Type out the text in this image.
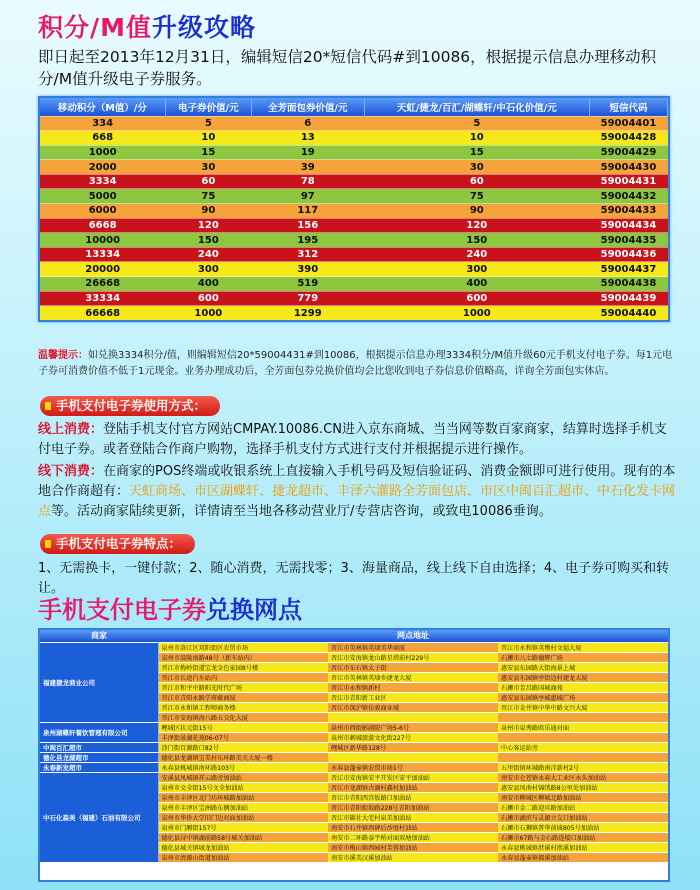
积分/M值升级攻略
即日起至2013年12月31日，编辑短信20*短信代码#到10086，根据提示信息办理移动积分/M值升级电子券服务。
移动积分（M值）/分	电子券价值/元	全芳面包券价值/元	天虹/捷龙/百汇/湖蝶轩/中石化价值/元	短信代码
334	5	6	5	59004401
668	10	13	10	59004428
1000	15	19	15	59004429
2000	30	39	30	59004430
3334	60	78	60	59004431
5000	75	97	75	59004432
6000	90	117	90	59004433
6668	120	156	120	59004434
10000	150	195	150	59004435
13334	240	312	240	59004436
20000	300	390	300	59004437
26668	400	519	400	59004438
33334	600	779	600	59004439
66668	1000	1299	1000	59004440
温馨提示：如兑换3334积分/值，则编辑短信20*59004431#到10086，根据提示信息办理3334积分/M值升级60元手机支付电子券。每1元电子券可消费价值不低于1元现金。业务办理成功后，全芳面包券兑换价值均会比您收到电子券信息价值略高，详询全芳面包实体店。
手机支付电子券使用方式：
线上消费：登陆手机支付官方网站CMPAY.10086.CN进入京东商城、当当网等数百家商家，结算时选择手机支付电子券。或者登陆合作商户购物，选择手机支付方式进行支付并根据提示进行操作。
线下消费：在商家的POS终端或收银系统上直接输入手机号码及短信验证码、消费金额即可进行使用。现有的本地合作商超有：天虹商场、市区湖蝶轩、捷龙超市、丰泽六灌路全芳面包店、市区中闽百汇超市、中石化发卡网点等。活动商家陆续更新，详情请至当地各移动营业厅/专营店咨询，或致电10086垂询。
手机支付电子券特点：
1、无需换卡，一键付款；2、随心消费，无需找零；3、海量商品，线上线下自由选择；4、电子券可购买和转让。
手机支付电子券兑换网点
商家	网点地址		
福建捷龙商业公司	泉州市洛江区双阳街区农贸市场	晋江市英林镇英埭英华商厦	晋江市永和镇英墩村文福大厦
	泉州市温陵南路48号（新车站内）	晋江市安海镇龙山路星塔前村229号	石狮市八七路德辉广场
	晋江市梅岭街道宝龙金色家园8号楼	晋江市东石镇太子街	惠安县东园路大街海景上城
	晋江市长途汽车站内	晋江市英林镇英埭乡捷龙大厦	惠安县东园镇亭街边村捷龙大厦
	晋江市和平中路阳光时代广场	晋江市永和镇新村	石狮市芳昌路国城商苑
	晋江市青阳永路学府蔽商厦	晋江市青阳新工业区	惠安县东园镇亭城惠城广场
	晋江市永和镇工程师商务楼	晋江市深沪镇佳骏商业城	晋江市金井镇中华中路文兴大厦
	晋江市安海镇海八路五交化大厦		
泉州湖蝶轩餐饮管理有限公司	鲤城区状元街15号	泉州市西街影剧院广场5-6号	泉州市泉秀路欧乐迪对面
	丰泽街景湖花苑06-07号	泉州市刺城旅游文化街227号	
中闽百汇超市	涂门街百源路口82号	鲤城区新华路128号	中心客运站旁
德化县龙湖超市	德化县龙湖镇宝美村东环路美关大厦一楼		
永春新发超市	永春县桃城镇南环路103号	永春县蓬壶镇农贸市场1号	五里街镇环城路南洋新村2号
中石化森美（福建）石油有限公司	安溪县凤城镇祥云路旁加油站	晋江市安海镇安平开发区安平加油站	南安市仑苍镇永春大工业区永头加油站
	泉州市文全街15号文全加油站	晋江市龙湖镇古湖村鑫村加油站	惠安县凤南村锦绣路8公里处加油站
	泉州市丰泽区北门坊环城路加油站	晋江市青阳西宫坂路口加油站	南安市柳城区柳城北路加油站
	泉州市丰泽区宝洲路东侧加油站	晋江市青阳街坂路228号青阳加油站	石狮市金二路迎宾路加油站
	泉州市华侨大学旧门边对面加油站	晋江市碳社大宅村泉美加油站	石狮市湖滨与灵源立交口加油站
	泉州市门厢街157号	南安市石井镇西碑后沙厝村油站	石狮市石狮镇普华前城805号加油站
	德化县浔中镇湖前路58号城关加油站	南安市二环路泰宇桥对面双塘加油站	石狮市67路与金石路连接口加油站
	德化县城关镇城龙加油站	南安市梅山镇西园村芙蓉加油站	永春县桃城镇洑溪村洑溪加油站
	泉州市清源山街道加油站	南安市溪美汉溪加油站	永春县蓬壶镇都溪加油站
